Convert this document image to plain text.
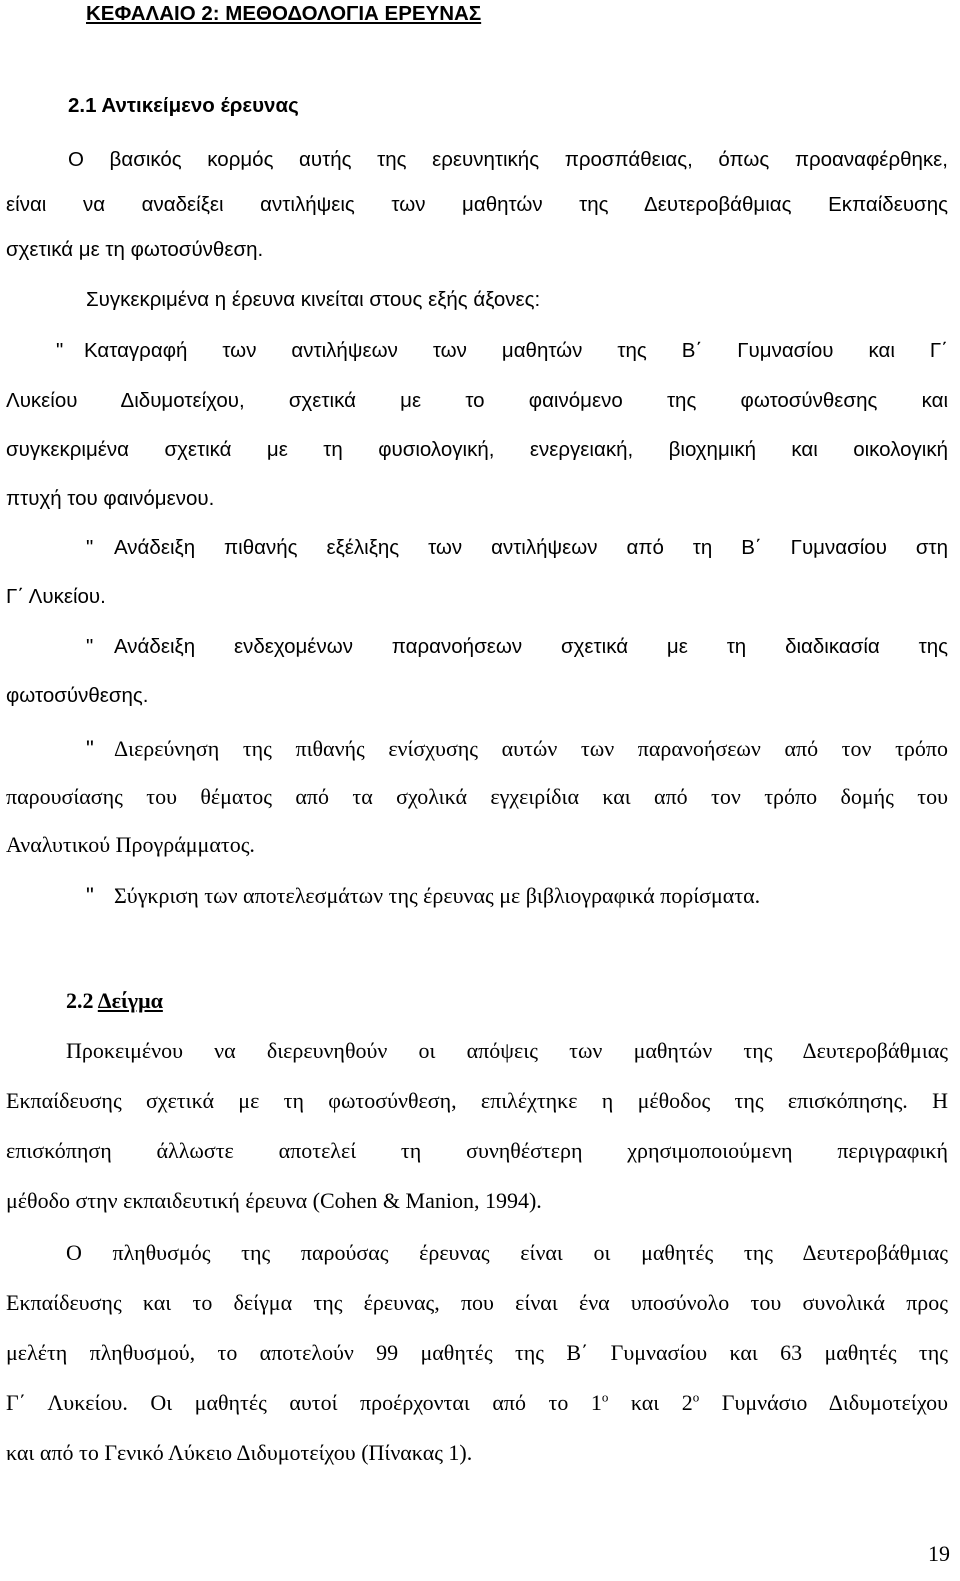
ΚΕΦΑΛΑΙΟ 2: ΜΕΘΟΔΟΛΟΓΙΑ ΕΡΕΥΝΑΣ
2.1 Αντικείμενο έρευνας
Ο βασικός κορμός αυτής της ερευνητικής προσπάθειας, όπως προαναφέρθηκε,
είναι να αναδείξει αντιλήψεις των μαθητών της Δευτεροβάθμιας Εκπαίδευσης
σχετικά με τη φωτοσύνθεση.
Συγκεκριμένα η έρευνα κινείται στους εξής άξονες:
" Καταγραφή των αντιλήψεων των μαθητών της Β΄ Γυμνασίου και Γ΄
Λυκείου Διδυμοτείχου, σχετικά με το φαινόμενο της φωτοσύνθεσης και
συγκεκριμένα σχετικά με τη φυσιολογική, ενεργειακή, βιοχημική και οικολογική
πτυχή του φαινόμενου.
" Ανάδειξη πιθανής εξέλιξης των αντιλήψεων από τη Β΄ Γυμνασίου στη
Γ΄ Λυκείου.
" Ανάδειξη ενδεχομένων παρανοήσεων σχετικά με τη διαδικασία της
φωτοσύνθεσης.
" Διερεύνηση της πιθανής ενίσχυσης αυτών των παρανοήσεων από τον τρόπο
παρουσίασης του θέματος από τα σχολικά εγχειρίδια και από τον τρόπο δομής του
Αναλυτικού Προγράμματος.
" Σύγκριση των αποτελεσμάτων της έρευνας με βιβλιογραφικά πορίσματα.
2.2 Δείγμα
Προκειμένου να διερευνηθούν οι απόψεις των μαθητών της Δευτεροβάθμιας
Εκπαίδευσης σχετικά με τη φωτοσύνθεση, επιλέχτηκε η μέθοδος της επισκόπησης. Η
επισκόπηση άλλωστε αποτελεί τη συνηθέστερη χρησιμοποιούμενη περιγραφική
μέθοδο στην εκπαιδευτική έρευνα (Cohen & Manion, 1994).
Ο πληθυσμός της παρούσας έρευνας είναι οι μαθητές της Δευτεροβάθμιας
Εκπαίδευσης και το δείγμα της έρευνας, που είναι ένα υποσύνολο του συνολικά προς
μελέτη πληθυσμού, το αποτελούν 99 μαθητές της Β΄ Γυμνασίου και 63 μαθητές της
Γ΄ Λυκείου. Οι μαθητές αυτοί προέρχονται από το $1^o$ και $2^o$ Γυμνάσιο Διδυμοτείχου
και από το Γενικό Λύκειο Διδυμοτείχου (Πίνακας 1).
19
